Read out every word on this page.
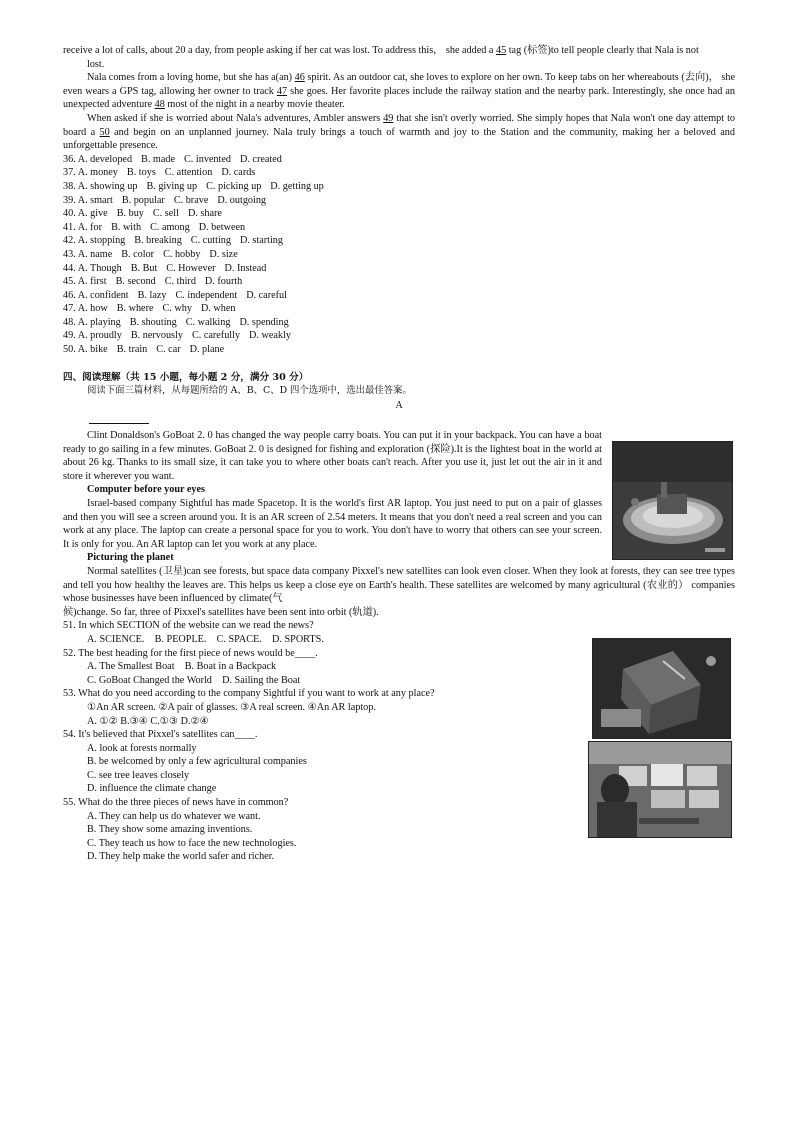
receive a lot of calls, about 20 a day, from people asking if her cat was lost. To address this， she added a 45 tag (标签)to tell people clearly that Nala is not

lost.

Nala comes from a loving home, but she has a(an) 46 spirit. As an outdoor cat, she loves to explore on her own. To keep tabs on her whereabouts (去向)， she even wears a GPS tag, allowing her owner to track 47 she goes. Her favorite places include the railway station and the nearby park. Interestingly, she once had an unexpected adventure 48 most of the night in a nearby movie theater.

When asked if she is worried about Nala's adventures, Ambler answers 49 that she isn't overly worried. She simply hopes that Nala won't one day attempt to board a 50 and begin on an unplanned journey. Nala truly brings a touch of warmth and joy to the Station and the community, making her a beloved and unforgettable presence.

36. A. developed B. made C. invented D. created
37. A. money B. toys C. attention D. cards
38. A. showing up B. giving up C. picking up D. getting up
39. A. smart B. popular C. brave D. outgoing
40. A. give B. buy C. sell D. share
41. A. for B. with C. among D. between
42. A. stopping B. breaking C. cutting D. starting
43. A. name B. color C. hobby D. size
44. A. Though B. But C. However D. Instead
45. A. first B. second C. third D. fourth
46. A. confident B. lazy C. independent D. careful
47. A. how B. where C. why D. when
48. A. playing B. shouting C. walking D. spending
49. A. proudly B. nervously C. carefully D. weakly
50. A. bike B. train C. car D. plane

四、阅读理解（共 15 小题，每小题 2 分，满分 30 分）

阅读下面三篇材料，从每题所给的 A、B、C、D 四个选项中，选出最佳答案。

A

Clint Donaldson's GoBoat 2. 0 has changed the way people carry boats. You can put it in your backpack. You can have a boat ready to go sailing in a few minutes. GoBoat 2. 0 is designed for fishing and exploration (探险).It is the lightest boat in the world at about 26 kg. Thanks to its small size, it can take you to where other boats can't reach. After you use it, just let out the air in it and store it wherever you want.

Computer before your eyes

Israel-based company Sightful has made Spacetop. It is the world's first AR laptop. You just need to put on a pair of glasses and then you will see a screen around you. It is an AR screen of 2.54 meters. It means that you don't need a real screen and you can work at any place. The laptop can create a personal space for you to work. You don't have to worry that others can see your screen. It is only for you. An AR laptop can let you work at any place.

Picturing the planet

Normal satellites (卫星)can see forests, but space data company Pixxel's new satellites can look even closer. When they look at forests, they can see tree types and tell you how healthy the leaves are. This helps us keep a close eye on Earth's health. These satellites are welcomed by many agricultural (农业的） companies whose businesses have been influenced by climate(气

候)change. So far, three of Pixxel's satellites have been sent into orbit (轨道).

51. In which SECTION of the website can we read the news?

A. SCIENCE. B. PEOPLE. C. SPACE. D. SPORTS.

52. The best heading for the first piece of news would be____.

A. The Smallest Boat B. Boat in a Backpack

C. GoBoat Changed the World D. Sailing the Boat

53. What do you need according to the company Sightful if you want to work at any place?

①An AR screen. ②A pair of glasses. ③A real screen. ④An AR laptop.

A. ①② B.③④ C.①③ D.②④

54. It's believed that Pixxel's satellites can____.

A. look at forests normally

B. be welcomed by only a few agricultural companies

C. see tree leaves closely

D. influence the climate change

55. What do the three pieces of news have in common?

A. They can help us do whatever we want.

B. They show some amazing inventions.

C. They teach us how to face the new technologies.

D. They help make the world safer and richer.
